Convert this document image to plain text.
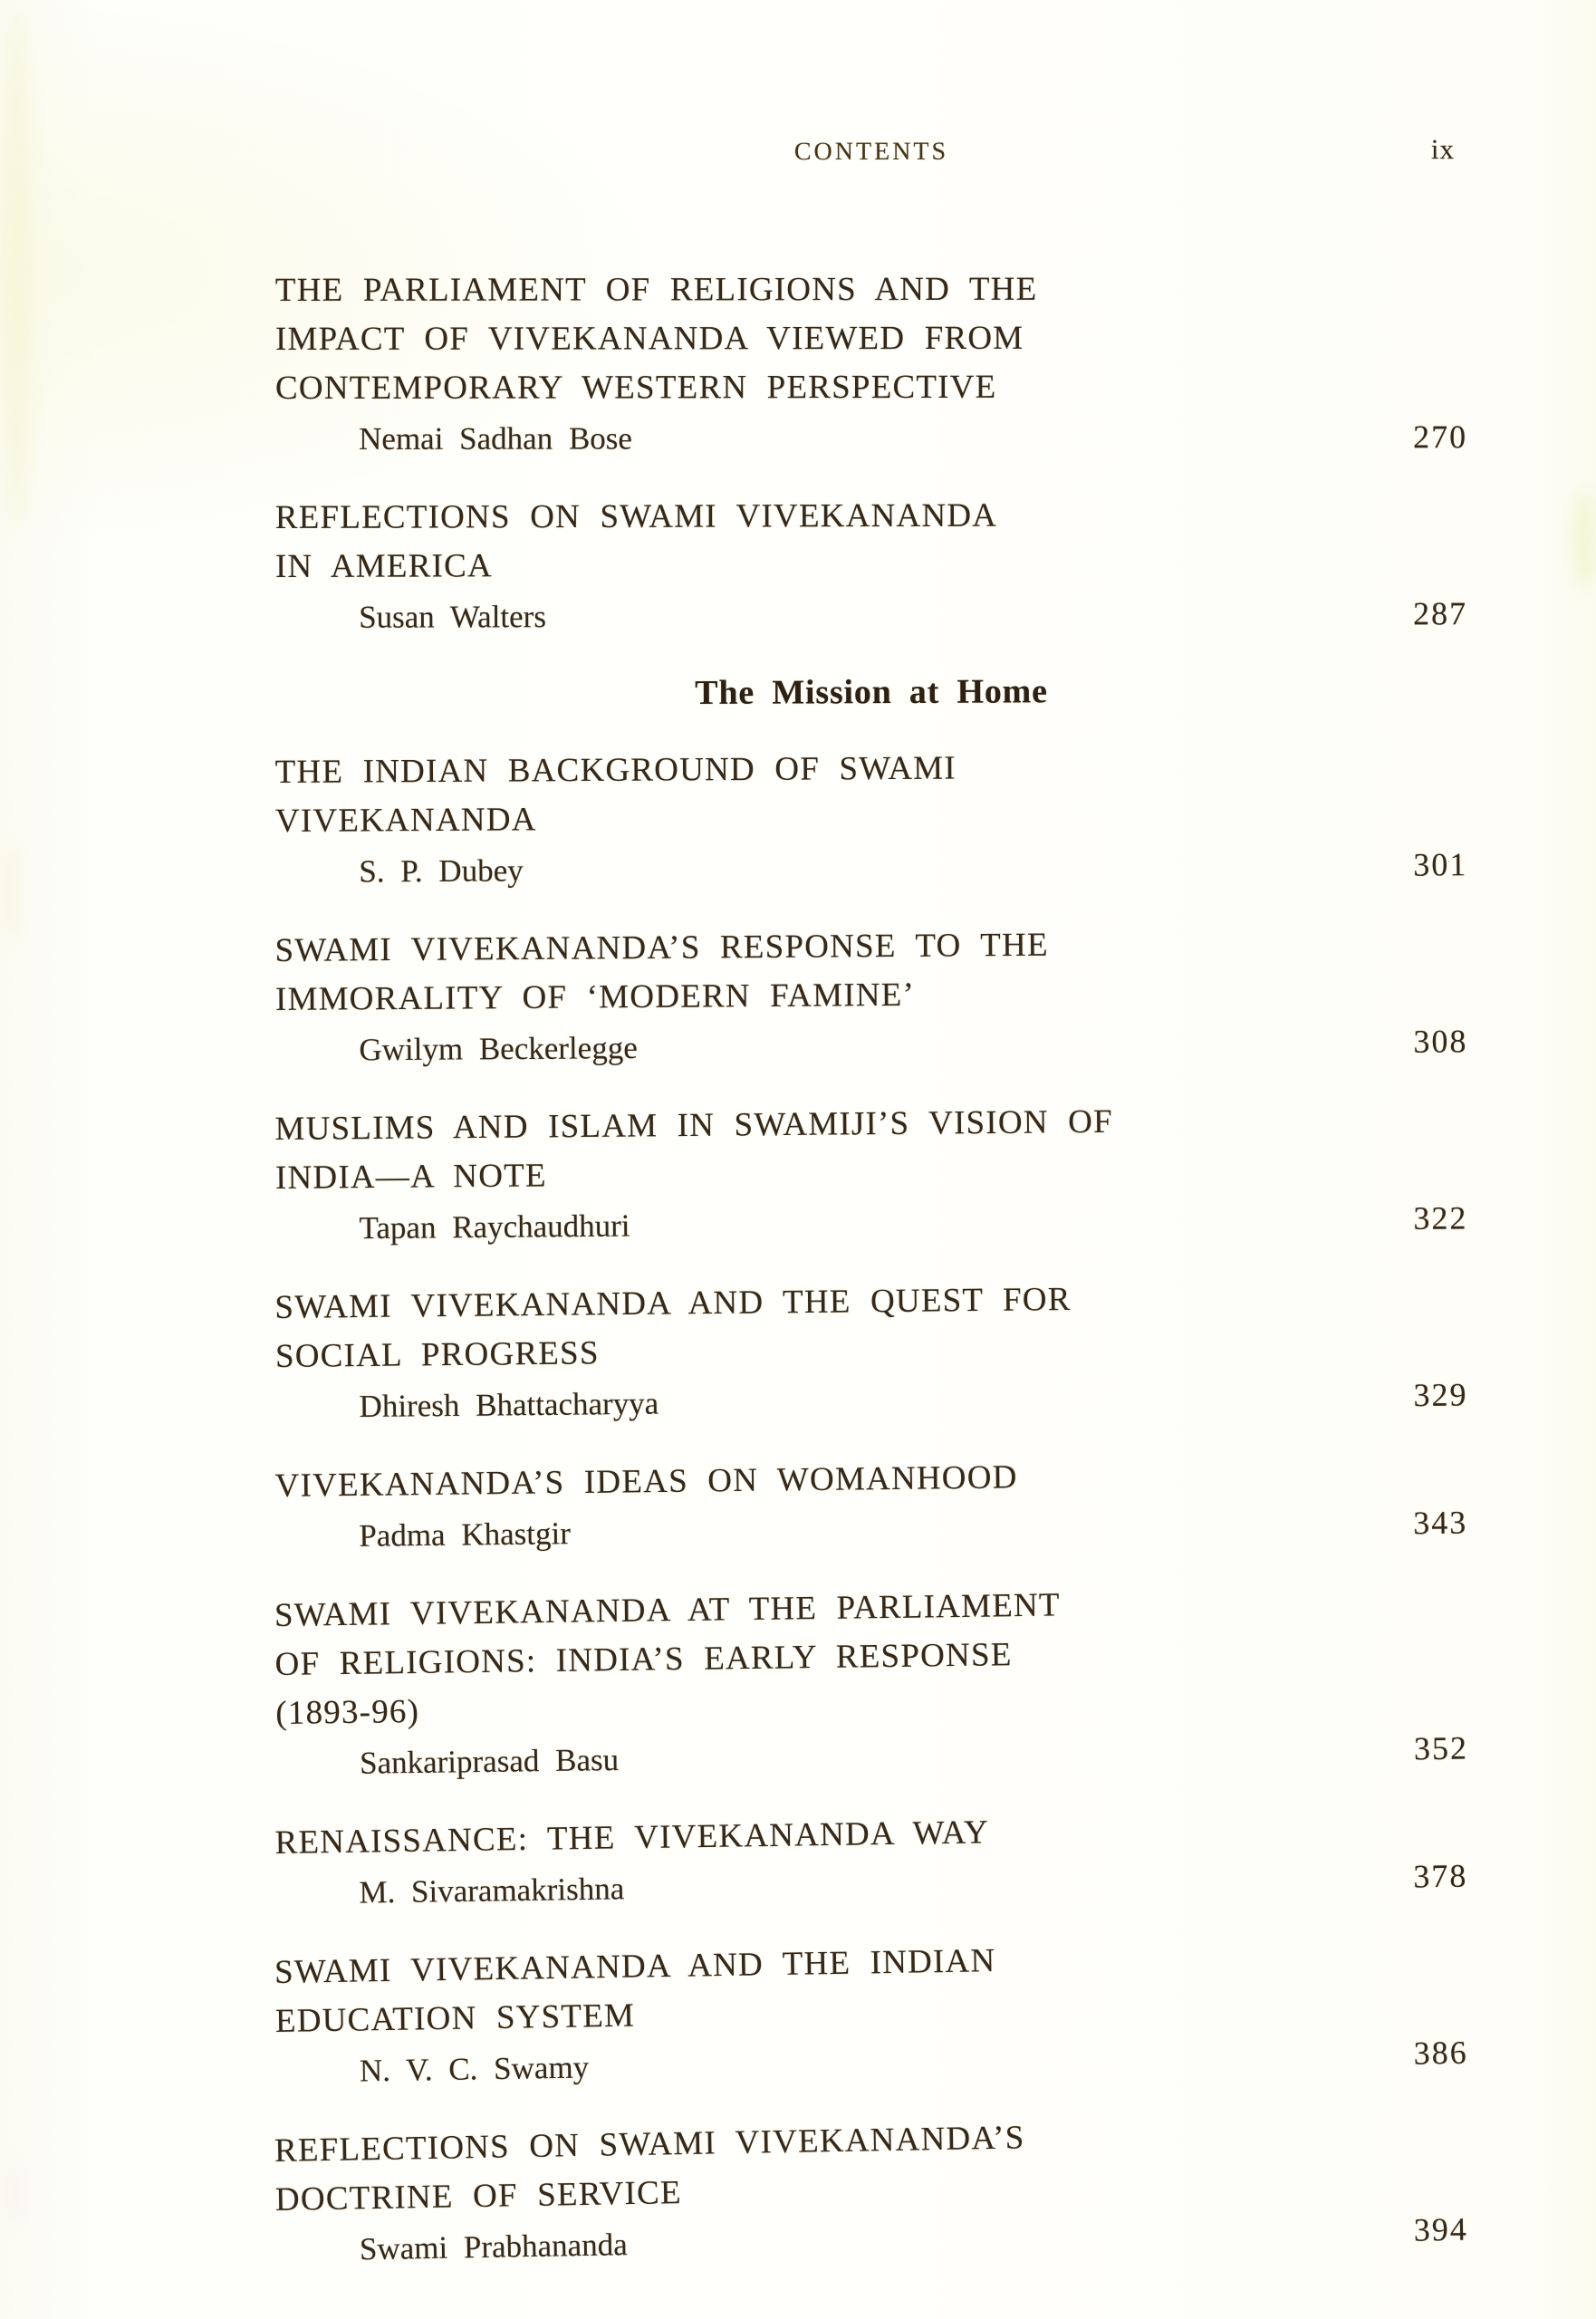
CONTENTS	ix
THE PARLIAMENT OF RELIGIONS AND THE
IMPACT OF VIVEKANANDA VIEWED FROM
CONTEMPORARY WESTERN PERSPECTIVE
Nemai Sadhan Bose	270
REFLECTIONS ON SWAMI VIVEKANANDA
IN AMERICA
Susan Walters	287
The Mission at Home
THE INDIAN BACKGROUND OF SWAMI
VIVEKANANDA
S. P. Dubey	301
SWAMI VIVEKANANDA’S RESPONSE TO THE
IMMORALITY OF ‘MODERN FAMINE’
Gwilym Beckerlegge	308
MUSLIMS AND ISLAM IN SWAMIJI’S VISION OF
INDIA—A NOTE
Tapan Raychaudhuri	322
SWAMI VIVEKANANDA AND THE QUEST FOR
SOCIAL PROGRESS
Dhiresh Bhattacharyya	329
VIVEKANANDA’S IDEAS ON WOMANHOOD
Padma Khastgir	343
SWAMI VIVEKANANDA AT THE PARLIAMENT
OF RELIGIONS: INDIA’S EARLY RESPONSE
(1893-96)
Sankariprasad Basu	352
RENAISSANCE: THE VIVEKANANDA WAY
M. Sivaramakrishna	378
SWAMI VIVEKANANDA AND THE INDIAN
EDUCATION SYSTEM
N. V. C. Swamy	386
REFLECTIONS ON SWAMI VIVEKANANDA’S
DOCTRINE OF SERVICE
Swami Prabhananda	394
